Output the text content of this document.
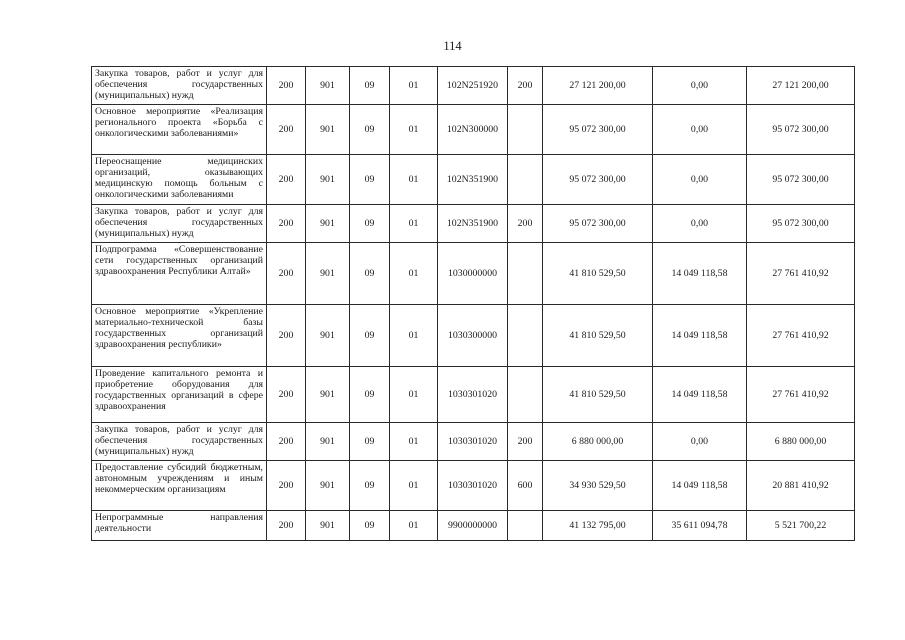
114
Закупка товаров, работ и услуг для обеспечения государственных (муниципальных) нужд	200	901	09	01	102N251920	200	27 121 200,00	0,00	27 121 200,00
Основное мероприятие «Реализация регионального проекта «Борьба с онкологическими заболеваниями»	200	901	09	01	102N300000		95 072 300,00	0,00	95 072 300,00
Переоснащение медицинских организаций, оказывающих медицинскую помощь больным с онкологическими заболеваниями	200	901	09	01	102N351900		95 072 300,00	0,00	95 072 300,00
Закупка товаров, работ и услуг для обеспечения государственных (муниципальных) нужд	200	901	09	01	102N351900	200	95 072 300,00	0,00	95 072 300,00
Подпрограмма «Совершенствование сети государственных организаций здравоохранения Республики Алтай»	200	901	09	01	1030000000		41 810 529,50	14 049 118,58	27 761 410,92
Основное мероприятие «Укрепление материально-технической базы государственных организаций здравоохранения республики»	200	901	09	01	1030300000		41 810 529,50	14 049 118,58	27 761 410,92
Проведение капитального ремонта и приобретение оборудования для государственных организаций в сфере здравоохранения	200	901	09	01	1030301020		41 810 529,50	14 049 118,58	27 761 410,92
Закупка товаров, работ и услуг для обеспечения государственных (муниципальных) нужд	200	901	09	01	1030301020	200	6 880 000,00	0,00	6 880 000,00
Предоставление субсидий бюджетным, автономным учреждениям и иным некоммерческим организациям	200	901	09	01	1030301020	600	34 930 529,50	14 049 118,58	20 881 410,92
Непрограммные направления деятельности	200	901	09	01	9900000000		41 132 795,00	35 611 094,78	5 521 700,22
